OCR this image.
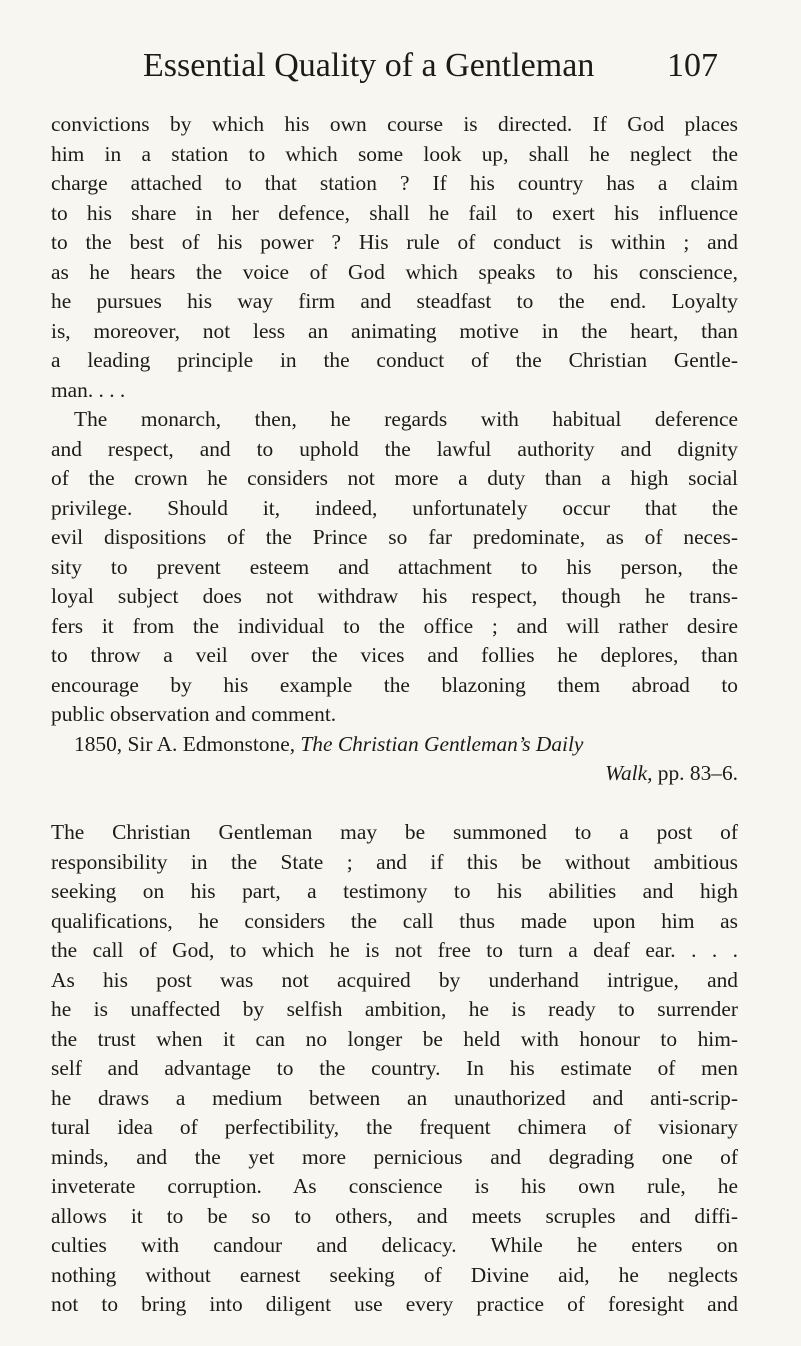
Essential Quality of a Gentleman 107
convictions by which his own course is directed. If God places
him in a station to which some look up, shall he neglect the
charge attached to that station ? If his country has a claim
to his share in her defence, shall he fail to exert his influence
to the best of his power ? His rule of conduct is within ; and
as he hears the voice of God which speaks to his conscience,
he pursues his way firm and steadfast to the end. Loyalty
is, moreover, not less an animating motive in the heart, than
a leading principle in the conduct of the Christian Gentle-
man. . . .
The monarch, then, he regards with habitual deference
and respect, and to uphold the lawful authority and dignity
of the crown he considers not more a duty than a high social
privilege. Should it, indeed, unfortunately occur that the
evil dispositions of the Prince so far predominate, as of neces-
sity to prevent esteem and attachment to his person, the
loyal subject does not withdraw his respect, though he trans-
fers it from the individual to the office ; and will rather desire
to throw a veil over the vices and follies he deplores, than
encourage by his example the blazoning them abroad to
public observation and comment.
1850, Sir A. Edmonstone, The Christian Gentleman’s Daily
Walk, pp. 83–6.
The Christian Gentleman may be summoned to a post of
responsibility in the State ; and if this be without ambitious
seeking on his part, a testimony to his abilities and high
qualifications, he considers the call thus made upon him as
the call of God, to which he is not free to turn a deaf ear. . . .
As his post was not acquired by underhand intrigue, and
he is unaffected by selfish ambition, he is ready to surrender
the trust when it can no longer be held with honour to him-
self and advantage to the country. In his estimate of men
he draws a medium between an unauthorized and anti-scrip-
tural idea of perfectibility, the frequent chimera of visionary
minds, and the yet more pernicious and degrading one of
inveterate corruption. As conscience is his own rule, he
allows it to be so to others, and meets scruples and diffi-
culties with candour and delicacy. While he enters on
nothing without earnest seeking of Divine aid, he neglects
not to bring into diligent use every practice of foresight and
